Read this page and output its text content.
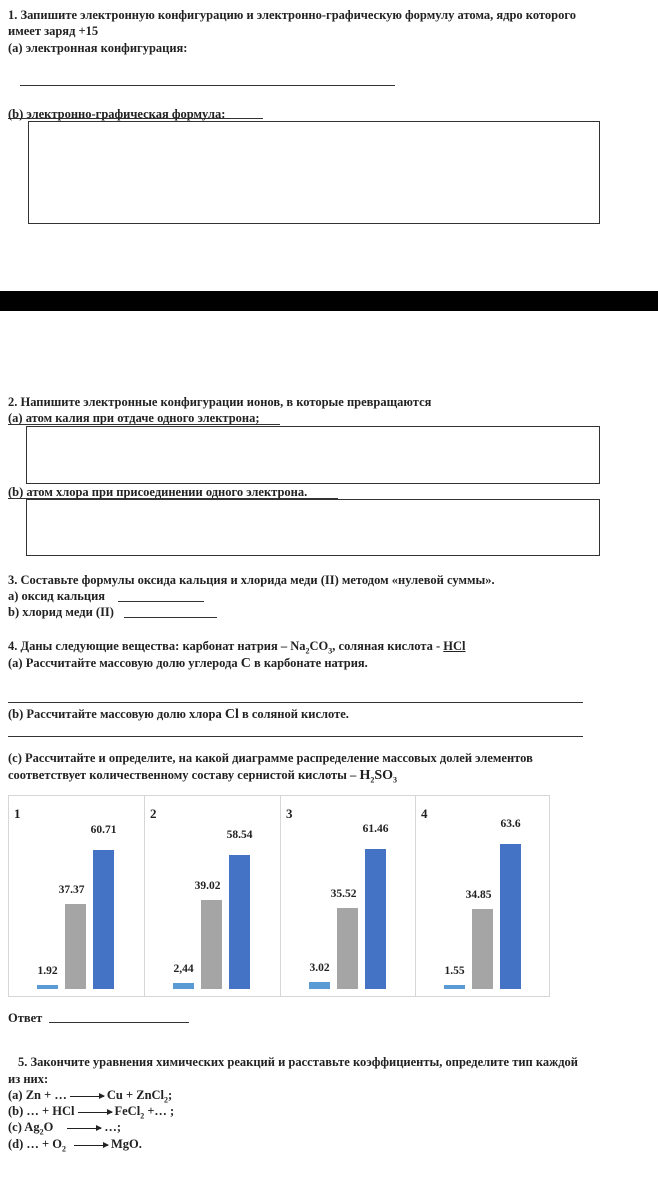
1. Запишите электронную конфигурацию и электронно-графическую формулу атома, ядро которого
имеет заряд +15
(a) электронная конфигурация:
(b) электронно-графическая формула:
2. Напишите электронные конфигурации ионов, в которые превращаются
(a) атом калия при отдаче одного электрона;
(b) атом хлора при присоединении одного электрона.
3. Составьте формулы оксида кальция и хлорида меди (II) методом «нулевой суммы».
а) оксид кальция
b) хлорид меди (II)
4. Даны следующие вещества: карбонат натрия – $Na_2CO_3$, соляная кислота - HCl
(a) Рассчитайте массовую долю углерода C в карбонате натрия.
(b) Рассчитайте массовую долю хлора Cl в соляной кислоте.
(c) Рассчитайте и определите, на какой диаграмме распределение массовых долей элементов
соответствует количественному составу сернистой кислоты – $H_2SO_3$
1
1.92
37.37
60.71
2
2,44
39.02
58.54
3
3.02
35.52
61.46
4
1.55
34.85
63.6
Ответ
5. Закончите уравнения химических реакций и расставьте коэффициенты, определите тип каждой
из них:
(a) Zn + …	Cu + ZnCl$_2$;
(b) … + HCl	FeCl$_2$ +… ;
(c) $Ag_2O$	…;
(d) … + $O_2$	MgO.
